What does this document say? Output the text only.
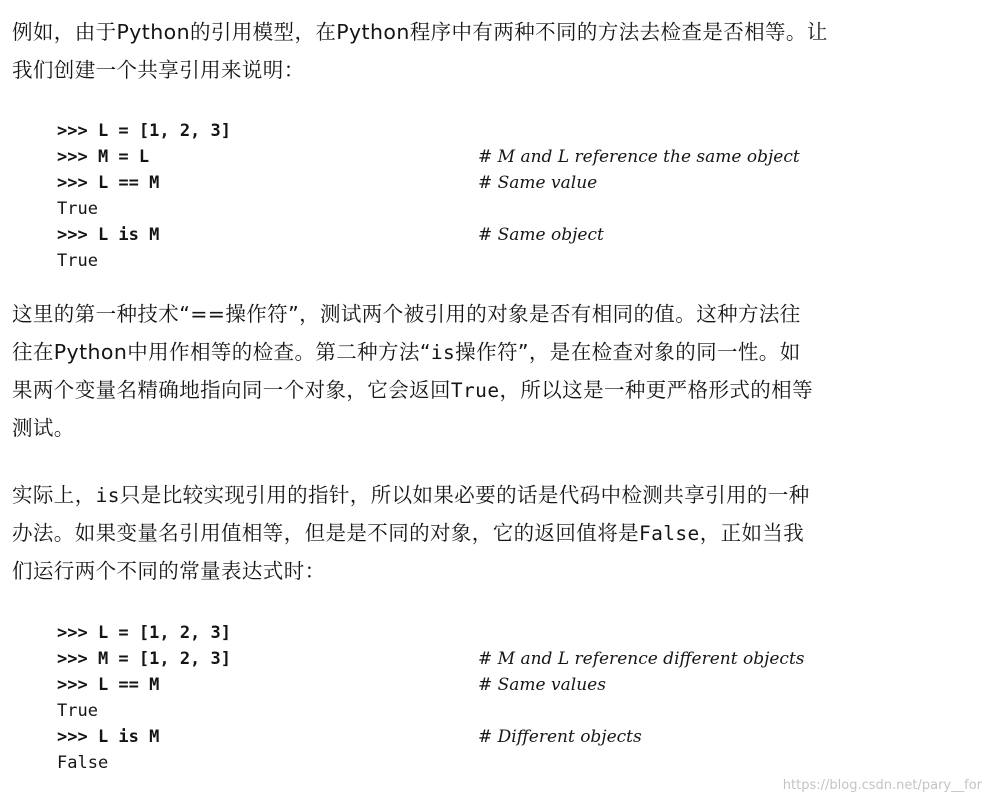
例如，由于Python的引用模型，在Python程序中有两种不同的方法去检查是否相等。让
我们创建一个共享引用来说明：
>>> L = [1, 2, 3]
>>> M = L
>>> L == M
True
>>> L is M
True
# M and L reference the same object
# Same value
# Same object
这里的第一种技术“==操作符”，测试两个被引用的对象是否有相同的值。这种方法往
往在Python中用作相等的检查。第二种方法“is操作符”，是在检查对象的同一性。如
果两个变量名精确地指向同一个对象，它会返回True，所以这是一种更严格形式的相等
测试。
实际上，is只是比较实现引用的指针，所以如果必要的话是代码中检测共享引用的一种
办法。如果变量名引用值相等，但是是不同的对象，它的返回值将是False，正如当我
们运行两个不同的常量表达式时：
>>> L = [1, 2, 3]
>>> M = [1, 2, 3]
>>> L == M
True
>>> L is M
False
# M and L reference different objects
# Same values
# Different objects
https://blog.csdn.net/pary__for
